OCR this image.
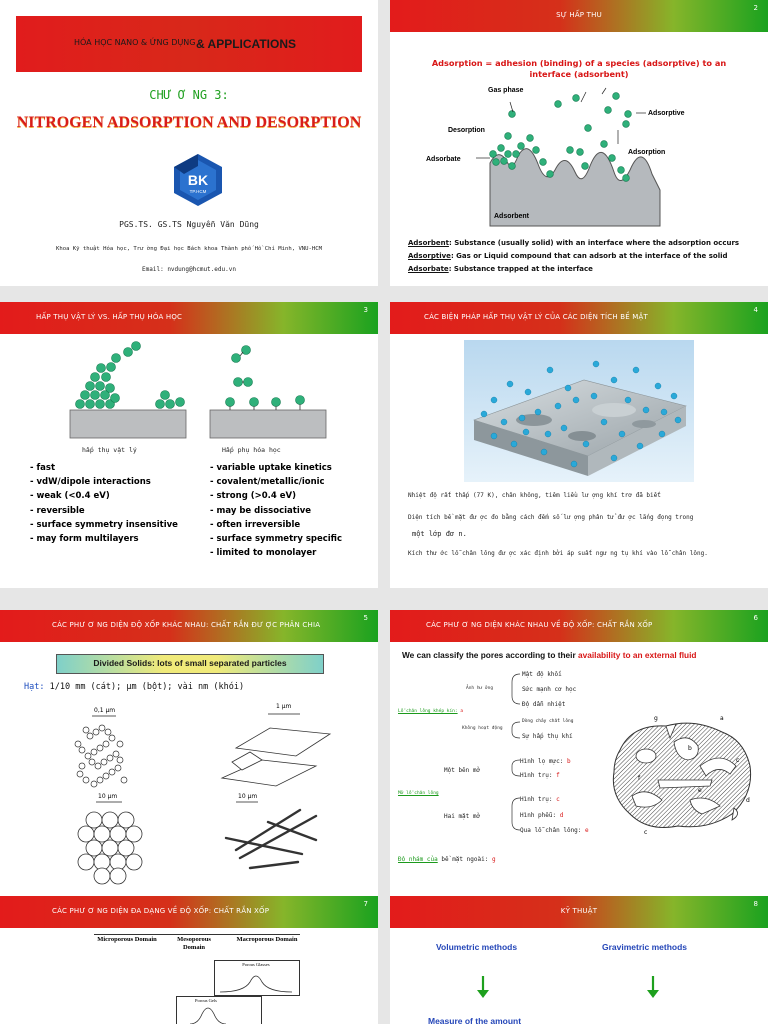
& APPLICATIONS
HÓA HỌC NANO & ỨNG DỤNG
CHƯ Ơ NG 3:
NITROGEN ADSORPTION AND DESORPTION
BK
TP.HCM
PGS.TS. GS.TS Nguyễn Văn Dũng
Khoa Kỹ thuật Hóa học, Trư ờng Đại học Bách khoa Thành phố Hồ Chí Minh, VNU-HCM
Email: nvdung@hcmut.edu.vn
SỰ HẤP THU
2
Adsorption = adhesion (binding) of a species (adsorptive) to an interface (adsorbent)
Gas phase
Adsorptive
Desorption
Adsorption
Adsorbate
Adsorbent
Adsorbent: Substance (usually solid) with an interface where the adsorption occurs
Adsorptive: Gas or Liquid compound that can adsorb at the interface of the solid
Adsorbate: Substance trapped at the interface
HẤP THỤ VẬT LÝ VS. HẤP THỤ HÓA HỌC
3
hấp thụ vật lý	Hấp phụ hóa học
- fast
- vdW/dipole interactions
- weak (<0.4 eV)
- reversible
- surface symmetry insensitive
- may form multilayers
- variable uptake kinetics
- covalent/metallic/ionic
- strong (>0.4 eV)
- may be dissociative
- often irreversible
- surface symmetry specific
- limited to monolayer
CÁC BIỆN PHÁP HẤP THỤ VẬT LÝ CỦA CÁC DIỆN TÍCH BỀ MẶT
4
Nhiệt độ rất thấp (77 K), chân không, tiêm liều lư ợng khí trơ đã biết
Diện tích bề mặt đư ợc đo bằng cách đếm số lư ợng phân tử đư ợc lắng đọng trong
một lớp đơ n.
Kích thư ớc lỗ chân lông đư ợc xác định bởi áp suất ngư ng tụ khí vào lỗ chân lông.
CÁC PHƯ Ơ NG DIỆN ĐỘ XỐP KHÁC NHAU: CHẤT RẮN ĐƯ ỢC PHÂN CHIA
5
Divided Solids: lots of small separated particles
Hạt: 1/10 mm (cát); µm (bột); vài nm (khói)
0,1 µm
1 µm
10 µm	10 µm
CÁC PHƯ Ơ NG DIỆN KHÁC NHAU VỀ ĐỘ XỐP: CHẤT RẮN XỐP
6
We can classify the pores according to their availability to an external fluid
Ảnh hư ởng
Mật độ khối
Sức mạnh cơ học
Độ dẫn nhiệt
Lỗ chân lông khép kín: a
Không hoạt động
Dòng chảy chất lỏng
Sự hấp thụ khí
Một bên mở
Hình lọ mực: b
Hình trụ: f
Mở lỗ chân lông
Hai mặt mở
Hình trụ: c
Hình phễu: d
Qua lỗ chân lông: e
Độ nhám của bề mặt ngoài: g
a
b
c
d
e
f
g
c
CÁC PHƯ Ơ NG DIỆN ĐA DẠNG VỀ ĐỘ XỐP: CHẤT RẮN XỐP
7
Microporous Domain	Mesoporous Domain
Macroporous Domain
Porous Glasses
Porous Gels
KỸ THUẬT
8
Volumetric methods	Gravimetric methods
Measure of the amount
